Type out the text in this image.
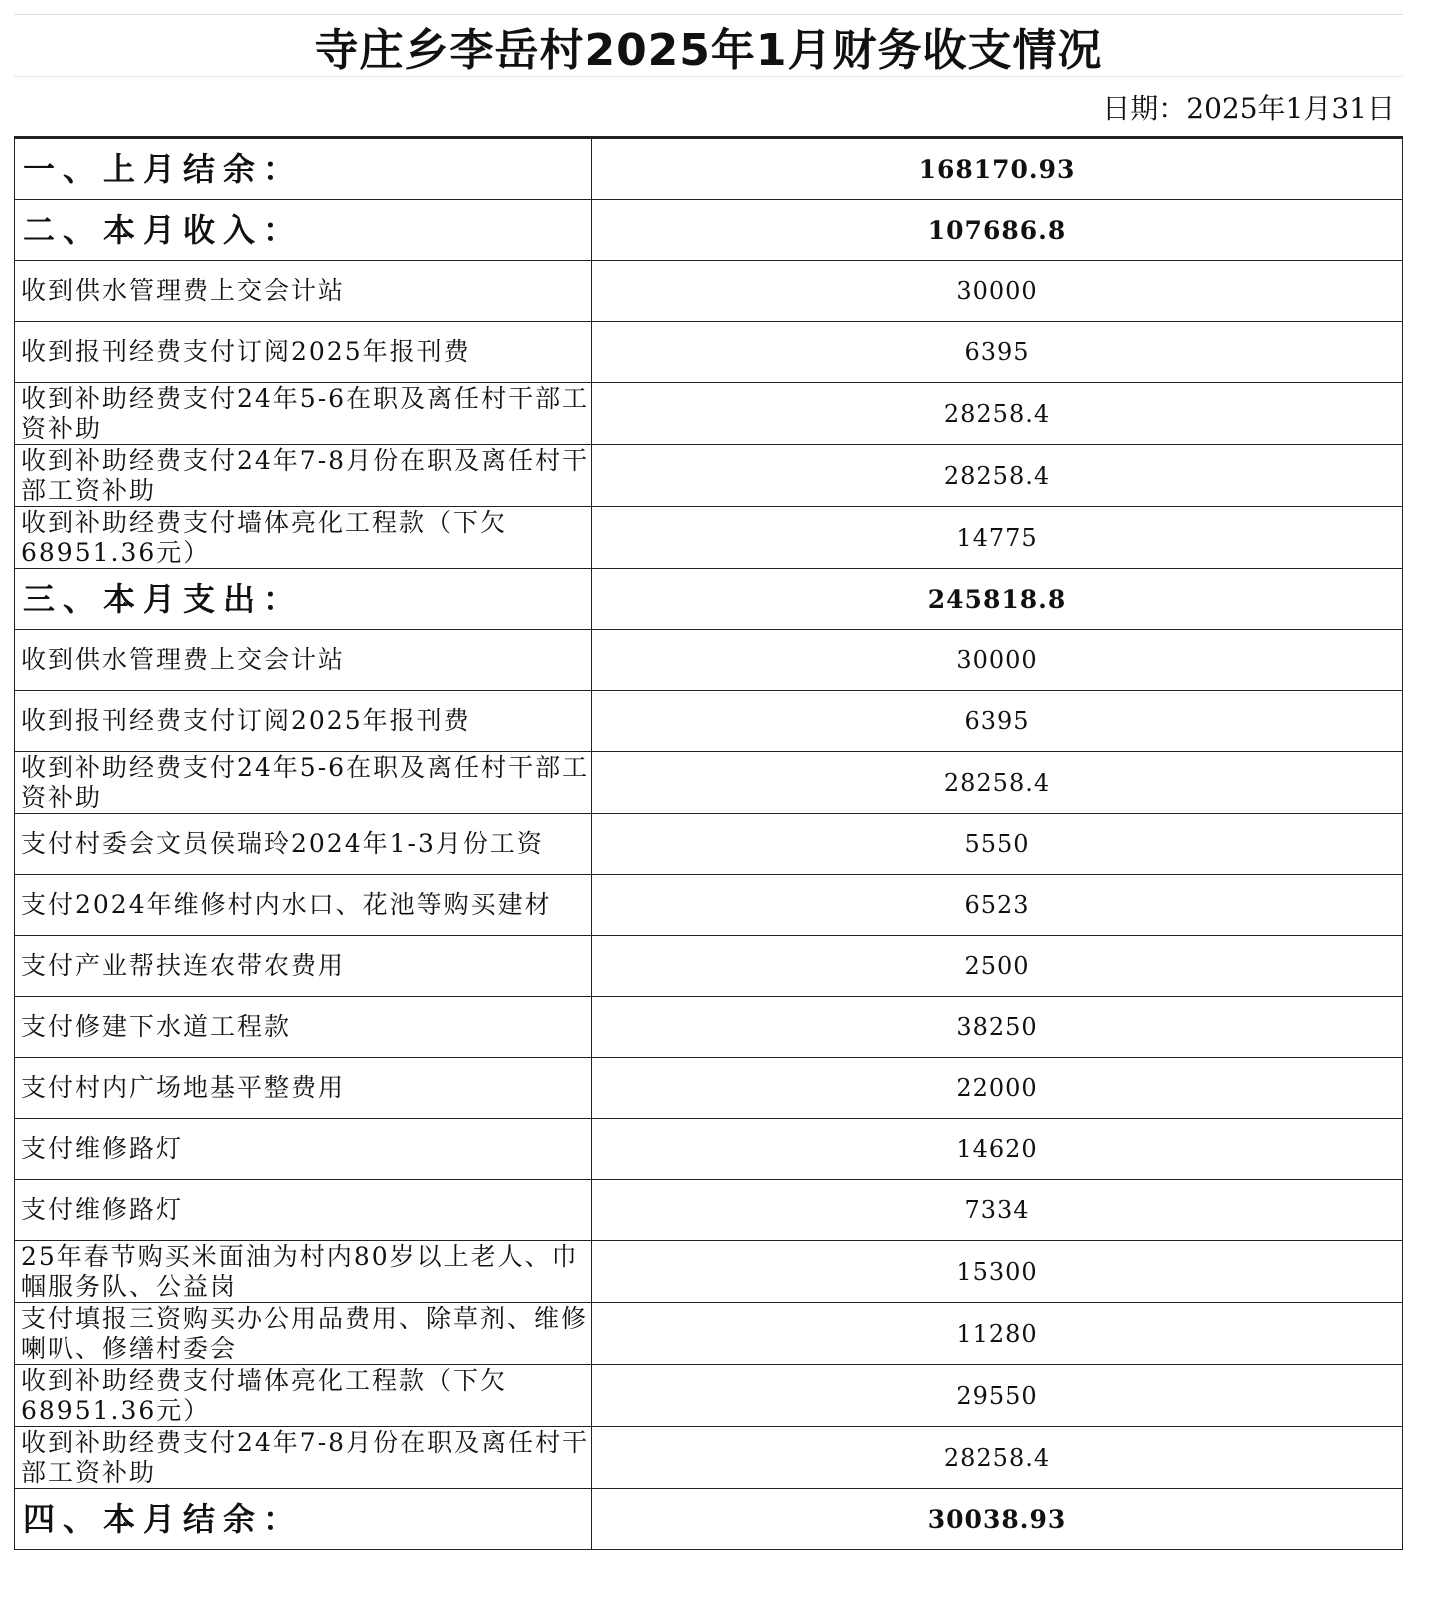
寺庄乡李岳村2025年1月财务收支情况
日期：2025年1月31日
一、上月结余：	168170.93

二、本月收入：	107686.8

收到供水管理费上交会计站	30000

收到报刊经费支付订阅2025年报刊费	6395

收到补助经费支付24年5-6在职及离任村干部工资补助	28258.4

收到补助经费支付24年7-8月份在职及离任村干部工资补助	28258.4

收到补助经费支付墙体亮化工程款（下欠68951.36元）	14775

三、本月支出：	245818.8

收到供水管理费上交会计站	30000

收到报刊经费支付订阅2025年报刊费	6395

收到补助经费支付24年5-6在职及离任村干部工资补助	28258.4

支付村委会文员侯瑞玲2024年1-3月份工资	5550

支付2024年维修村内水口、花池等购买建材	6523

支付产业帮扶连农带农费用	2500

支付修建下水道工程款	38250

支付村内广场地基平整费用	22000

支付维修路灯	14620

支付维修路灯	7334

25年春节购买米面油为村内80岁以上老人、巾帼服务队、公益岗	15300

支付填报三资购买办公用品费用、除草剂、维修喇叭、修缮村委会	11280

收到补助经费支付墙体亮化工程款（下欠68951.36元）	29550

收到补助经费支付24年7-8月份在职及离任村干部工资补助	28258.4

四、本月结余：	30038.93
